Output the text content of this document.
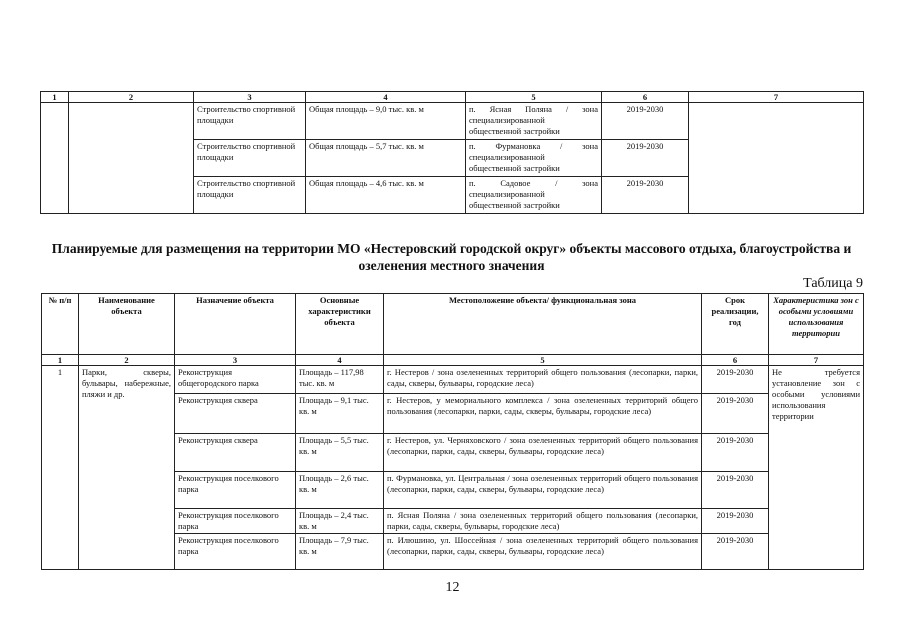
1	2	3	4	5	6	7
		Строительство спортивной площадки	Общая площадь – 9,0 тыс. кв. м	п. Ясная Поляна / зона специализированной общественной застройки	2019-2030	
		Строительство спортивной площадки	Общая площадь – 5,7 тыс. кв. м	п. Фурмановка / зона специализированной общественной застройки	2019-2030	
		Строительство спортивной площадки	Общая площадь – 4,6 тыс. кв. м	п. Садовое / зона специализированной общественной застройки	2019-2030	
Планируемые для размещения на территории МО «Нестеровский городской округ» объекты массового отдыха, благоустройства и озеленения местного значения
Таблица 9
№ п/п	Наименование объекта	Назначение объекта	Основные характеристики объекта	Местоположение объекта/ функциональная зона	Срок реализации, год	Характеристика зон с особыми условиями использования территории
1	2	3	4	5	6	7
1	Парки, скверы, бульвары, набережные, пляжи и др.	Реконструкция общегородского парка	Площадь – 117,98 тыс. кв. м	г. Нестеров / зона озелененных территорий общего пользования (лесопарки, парки, сады, скверы, бульвары, городские леса)	2019-2030	Не требуется установление зон с особыми условиями использования территории
		Реконструкция сквера	Площадь – 9,1 тыс. кв. м	г. Нестеров, у мемориального комплекса / зона озелененных территорий общего пользования (лесопарки, парки, сады, скверы, бульвары, городские леса)	2019-2030	
		Реконструкция сквера	Площадь – 5,5 тыс. кв. м	г. Нестеров, ул. Черняховского / зона озелененных территорий общего пользования (лесопарки, парки, сады, скверы, бульвары, городские леса)	2019-2030	
		Реконструкция поселкового парка	Площадь – 2,6 тыс. кв. м	п. Фурмановка, ул. Центральная / зона озелененных территорий общего пользования (лесопарки, парки, сады, скверы, бульвары, городские леса)	2019-2030	
		Реконструкция поселкового парка	Площадь – 2,4 тыс. кв. м	п. Ясная Поляна / зона озелененных территорий общего пользования (лесопарки, парки, сады, скверы, бульвары, городские леса)	2019-2030	
		Реконструкция поселкового парка	Площадь – 7,9 тыс. кв. м	п. Илюшино, ул. Шоссейная / зона озелененных территорий общего пользования (лесопарки, парки, сады, скверы, бульвары, городские леса)	2019-2030	
12
